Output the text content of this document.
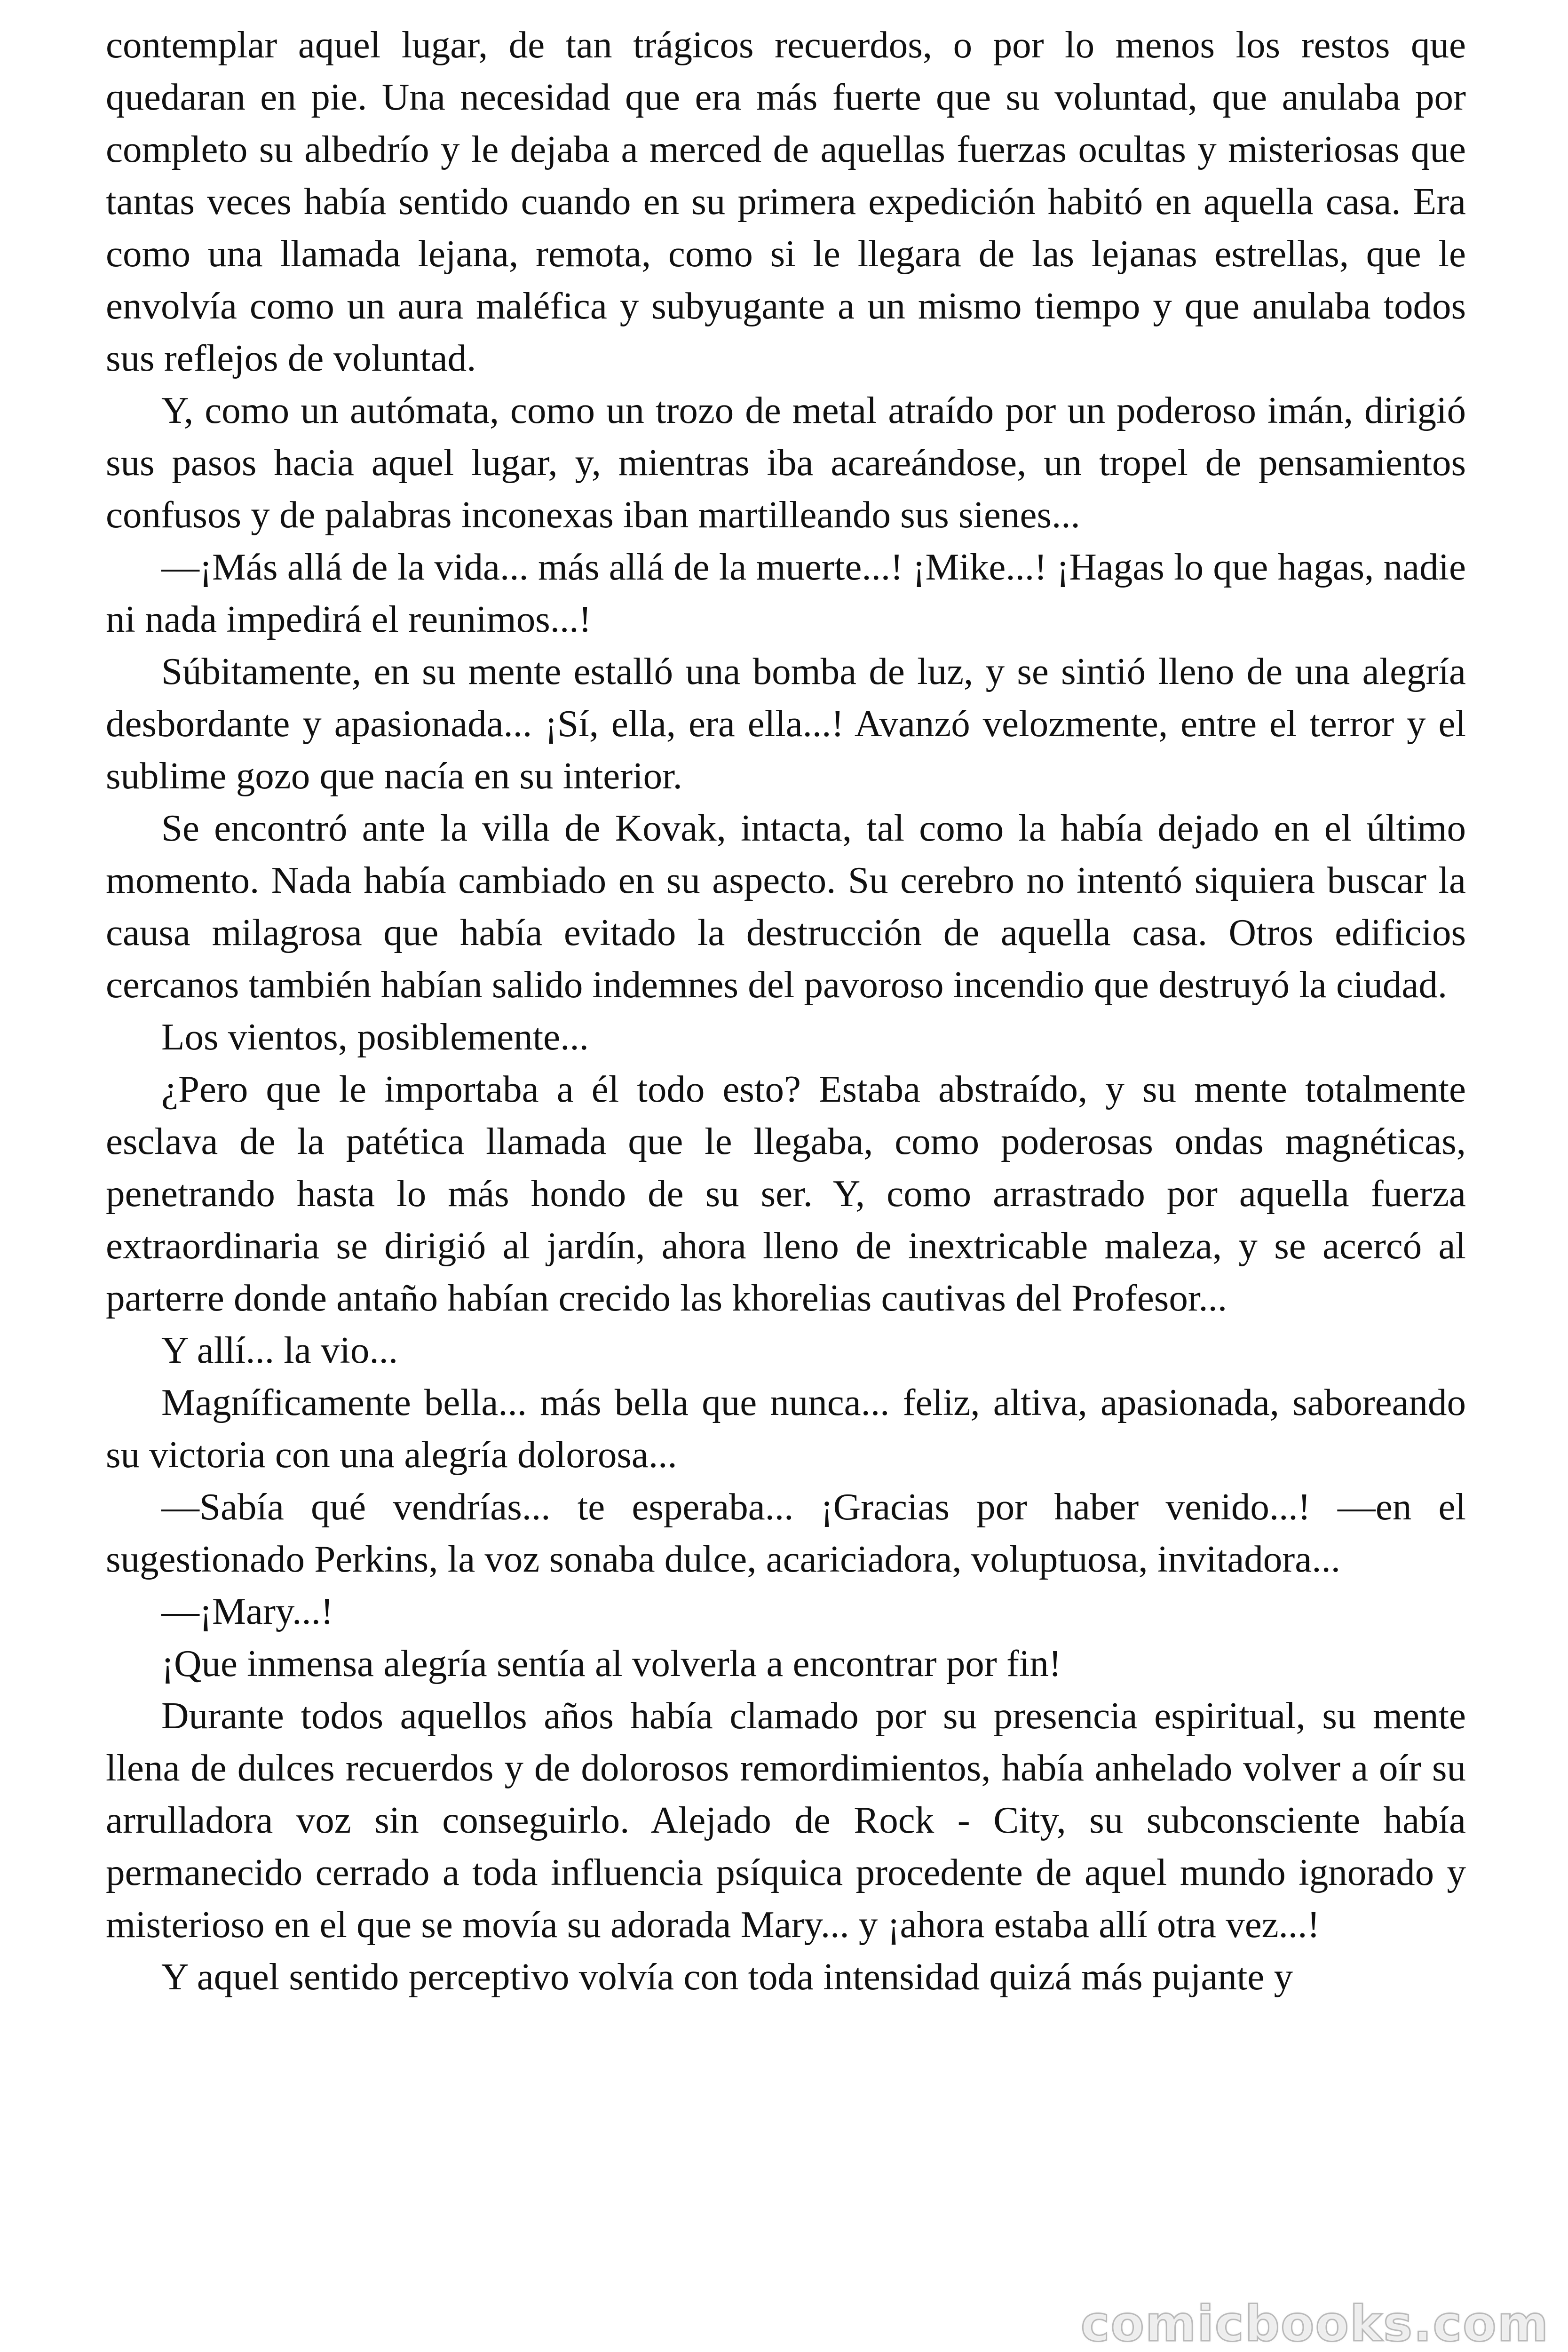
contemplar aquel lugar, de tan trágicos recuerdos, o por lo menos los restos que quedaran en pie. Una necesidad que era más fuerte que su voluntad, que anulaba por completo su albedrío y le dejaba a merced de aquellas fuerzas ocultas y misteriosas que tantas veces había sentido cuando en su primera expedición habitó en aquella casa. Era como una llamada lejana, remota, como si le llegara de las lejanas estrellas, que le envolvía como un aura maléfica y subyugante a un mismo tiempo y que anulaba todos sus reflejos de voluntad.

Y, como un autómata, como un trozo de metal atraído por un poderoso imán, dirigió sus pasos hacia aquel lugar, y, mientras iba acareándose, un tropel de pensamientos confusos y de palabras inconexas iban martilleando sus sienes...

—¡Más allá de la vida... más allá de la muerte...! ¡Mike...! ¡Hagas lo que hagas, nadie ni nada impedirá el reunimos...!

Súbitamente, en su mente estalló una bomba de luz, y se sintió lleno de una alegría desbordante y apasionada... ¡Sí, ella, era ella...! Avanzó velozmente, entre el terror y el sublime gozo que nacía en su interior.

Se encontró ante la villa de Kovak, intacta, tal como la había dejado en el último momento. Nada había cambiado en su aspecto. Su cerebro no intentó siquiera buscar la causa milagrosa que había evitado la destrucción de aquella casa. Otros edificios cercanos también habían salido indemnes del pavoroso incendio que destruyó la ciudad.

Los vientos, posiblemente...

¿Pero que le importaba a él todo esto? Estaba abstraído, y su mente totalmente esclava de la patética llamada que le llegaba, como poderosas ondas magnéticas, penetrando hasta lo más hondo de su ser. Y, como arrastrado por aquella fuerza extraordinaria se dirigió al jardín, ahora lleno de inextricable maleza, y se acercó al parterre donde antaño habían crecido las khorelias cautivas del Profesor...

Y allí... la vio...

Magníficamente bella... más bella que nunca... feliz, altiva, apasionada, saboreando su victoria con una alegría dolorosa...

—Sabía qué vendrías... te esperaba... ¡Gracias por haber venido...! —en el sugestionado Perkins, la voz sonaba dulce, acariciadora, voluptuosa, invitadora...

—¡Mary...!

¡Que inmensa alegría sentía al volverla a encontrar por fin!

Durante todos aquellos años había clamado por su presencia espiritual, su mente llena de dulces recuerdos y de dolorosos remordimientos, había anhelado volver a oír su arrulladora voz sin conseguirlo. Alejado de Rock - City, su subconsciente había permanecido cerrado a toda influencia psíquica procedente de aquel mundo ignorado y misterioso en el que se movía su adorada Mary... y ¡ahora estaba allí otra vez...!

Y aquel sentido perceptivo volvía con toda intensidad quizá más pujante y

comicbooks.com
